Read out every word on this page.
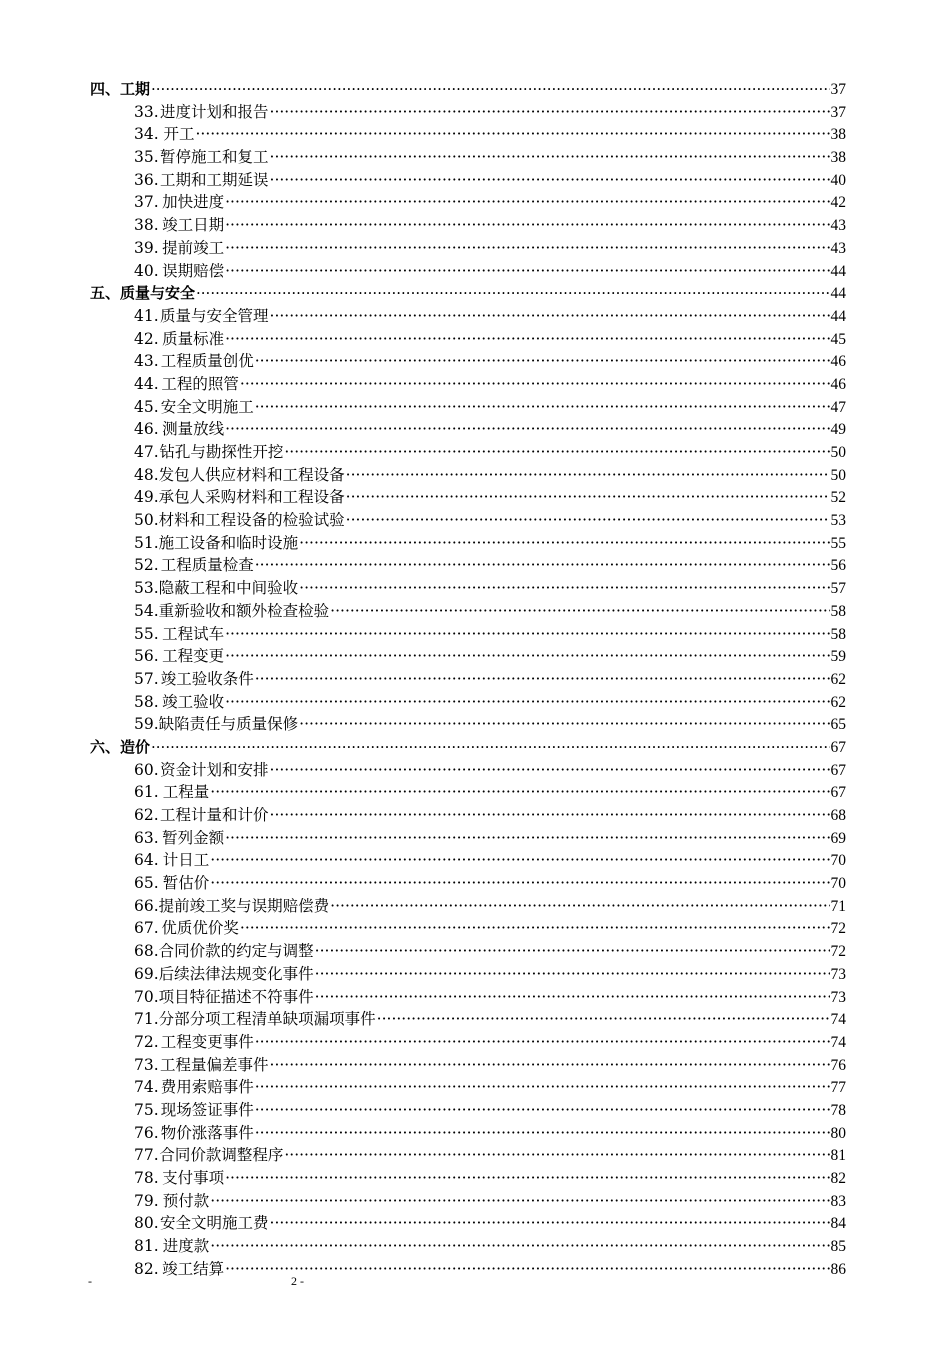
四、工期 ·····	37
33. 进度计划和报告 ·····	37
34. 开工 ·····	38
35. 暂停施工和复工 ·····	38
36. 工期和工期延误 ·····	40
37. 加快进度 ·····	42
38. 竣工日期 ·····	43
39. 提前竣工 ·····	43
40. 误期赔偿 ·····	44
五、质量与安全 ·····	44
41. 质量与安全管理 ·····	44
42. 质量标准 ·····	45
43. 工程质量创优 ·····	46
44. 工程的照管 ·····	46
45. 安全文明施工 ·····	47
46. 测量放线 ·····	49
47. 钻孔与勘探性开挖 ·····	50
48. 发包人供应材料和工程设备 ·····	50
49. 承包人采购材料和工程设备 ·····	52
50. 材料和工程设备的检验试验 ·····	53
51. 施工设备和临时设施 ·····	55
52. 工程质量检查 ·····	56
53. 隐蔽工程和中间验收 ·····	57
54. 重新验收和额外检查检验 ·····	58
55. 工程试车 ·····	58
56. 工程变更 ·····	59
57. 竣工验收条件 ·····	62
58. 竣工验收 ·····	62
59. 缺陷责任与质量保修 ·····	65
六、造价 ·····	67
60. 资金计划和安排 ·····	67
61. 工程量 ·····	67
62. 工程计量和计价 ·····	68
63. 暂列金额 ·····	69
64. 计日工 ·····	70
65. 暂估价 ·····	70
66. 提前竣工奖与误期赔偿费 ·····	71
67. 优质优价奖 ·····	72
68. 合同价款的约定与调整 ·····	72
69. 后续法律法规变化事件 ·····	73
70. 项目特征描述不符事件 ·····	73
71. 分部分项工程清单缺项漏项事件 ·····	74
72. 工程变更事件 ·····	74
73. 工程量偏差事件 ·····	76
74. 费用索赔事件 ·····	77
75. 现场签证事件 ·····	78
76. 物价涨落事件 ·····	80
77. 合同价款调整程序 ·····	81
78. 支付事项 ·····	82
79. 预付款 ·····	83
80. 安全文明施工费 ·····	84
81. 进度款 ·····	85
82. 竣工结算 ·····	86
-	2 -
